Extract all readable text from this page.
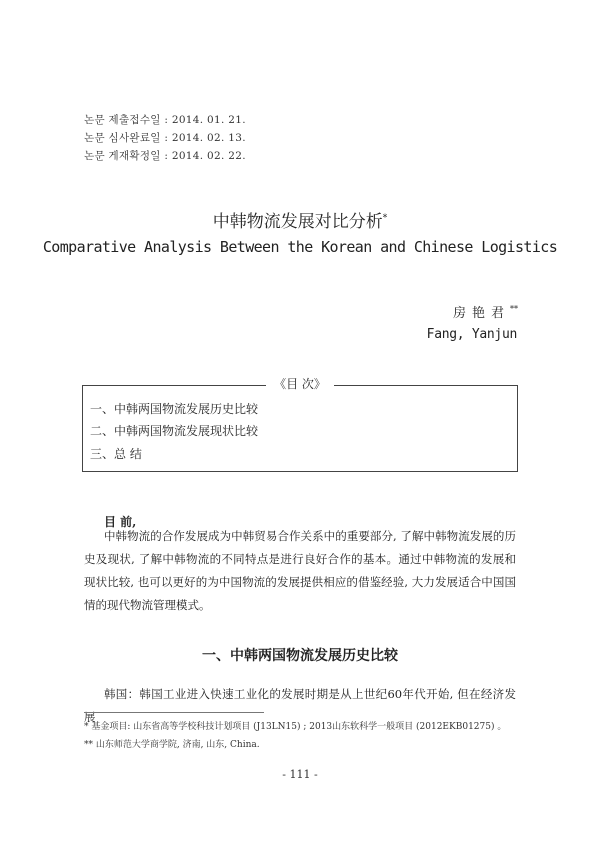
논문 제출접수일 : 2014. 01. 21.
논문 심사완료일 : 2014. 02. 13.
논문 게재확정일 : 2014. 02. 22.
中韩物流发展对比分析*
Comparative Analysis Between the Korean and Chinese Logistics
房艳君**
Fang, Yanjun
《目 次》
一、中韩两国物流发展历史比较
二、中韩两国物流发展现状比较
三、总 结
目 前,
中韩物流的合作发展成为中韩贸易合作关系中的重要部分, 了解中韩物流发展的历史及现状, 了解中韩物流的不同特点是进行良好合作的基本。通过中韩物流的发展和现状比较, 也可以更好的为中国物流的发展提供相应的借鉴经验, 大力发展适合中国国情的现代物流管理模式。
一、中韩两国物流发展历史比较
韩国：韩国工业进入快速工业化的发展时期是从上世纪60年代开始, 但在经济发展
* 基金项目: 山东省高等学校科技计划项目 (J13LN15) ; 2013山东软科学一般项目 (2012EKB01275) 。
** 山东师范大学商学院, 济南, 山东, China.
- 111 -
